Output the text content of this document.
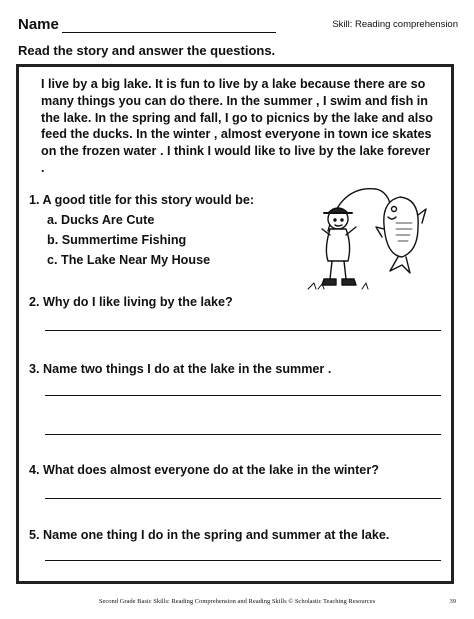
Name	Skill: Reading comprehension
Read the story and answer the questions.

I live by a big lake. It is fun to live by a lake because there are so many things you can do there. In the summer , I swim and fish in the lake. In the spring and fall, I go to picnics by the lake and also feed the ducks. In the winter , almost everyone in town ice skates on the frozen water . I think I would like to live by the lake forever .

1. A good title for this story would be:

a. Ducks Are Cute

b. Summertime Fishing

c. The Lake Near My House

2. Why do I like living by the lake?

3. Name two things I do at the lake in the summer .

4. What does almost everyone do at the lake in the winter?

5. Name one thing I do in the spring and summer at the lake.

Second Grade Basic Skills: Reading Comprehension and Reading Skills © Scholastic Teaching Resources	39
